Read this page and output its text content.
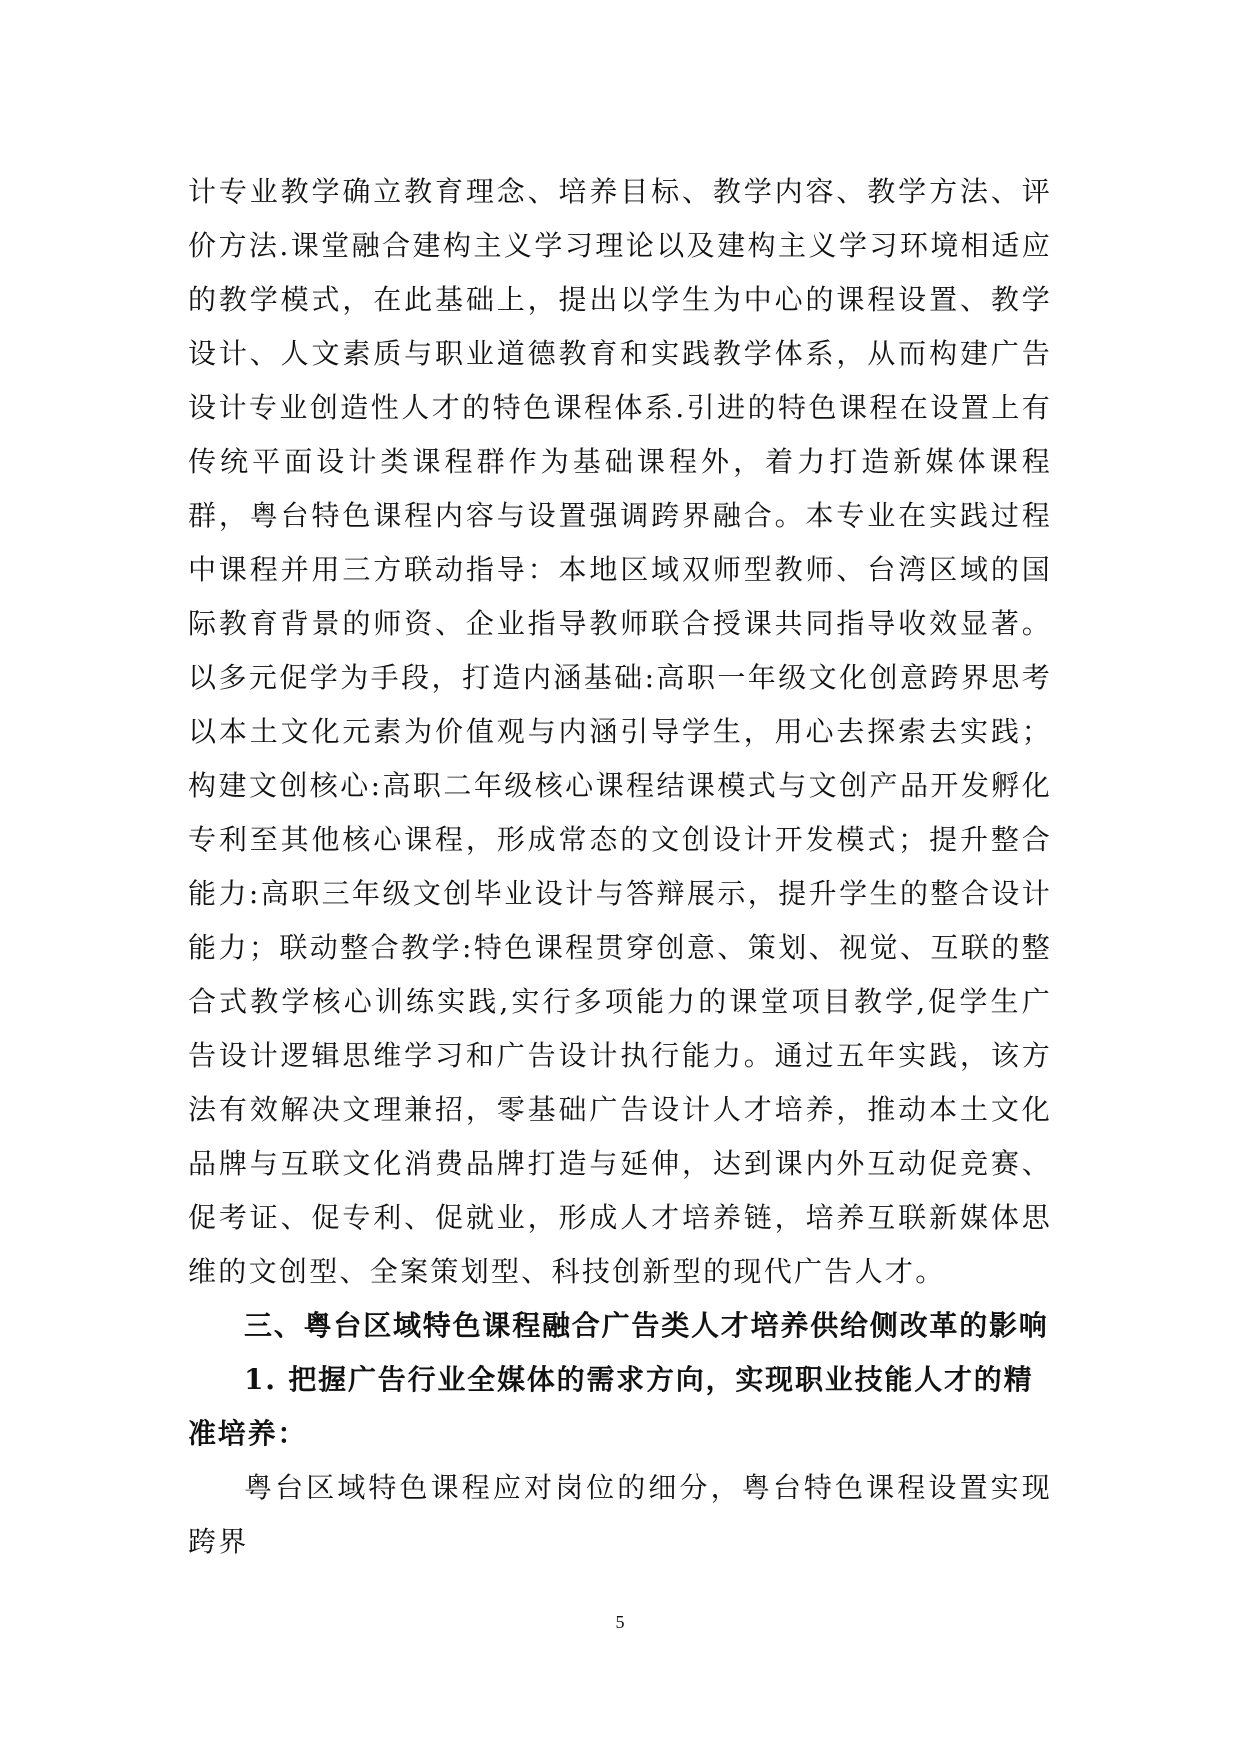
计专业教学确立教育理念、培养目标、教学内容、教学方法、评价方法.课堂融合建构主义学习理论以及建构主义学习环境相适应的教学模式，在此基础上，提出以学生为中心的课程设置、教学设计、人文素质与职业道德教育和实践教学体系，从而构建广告设计专业创造性人才的特色课程体系.引进的特色课程在设置上有传统平面设计类课程群作为基础课程外，着力打造新媒体课程群，粤台特色课程内容与设置强调跨界融合。本专业在实践过程中课程并用三方联动指导：本地区域双师型教师、台湾区域的国际教育背景的师资、企业指导教师联合授课共同指导收效显著。以多元促学为手段，打造内涵基础:高职一年级文化创意跨界思考以本土文化元素为价值观与内涵引导学生，用心去探索去实践；构建文创核心:高职二年级核心课程结课模式与文创产品开发孵化专利至其他核心课程，形成常态的文创设计开发模式；提升整合能力:高职三年级文创毕业设计与答辩展示，提升学生的整合设计能力；联动整合教学:特色课程贯穿创意、策划、视觉、互联的整合式教学核心训练实践,实行多项能力的课堂项目教学,促学生广告设计逻辑思维学习和广告设计执行能力。通过五年实践，该方法有效解决文理兼招，零基础广告设计人才培养，推动本土文化品牌与互联文化消费品牌打造与延伸，达到课内外互动促竞赛、促考证、促专利、促就业，形成人才培养链，培养互联新媒体思维的文创型、全案策划型、科技创新型的现代广告人才。

三、粤台区域特色课程融合广告类人才培养供给侧改革的影响

1. 把握广告行业全媒体的需求方向，实现职业技能人才的精准培养：

粤台区域特色课程应对岗位的细分，粤台特色课程设置实现跨界

5
